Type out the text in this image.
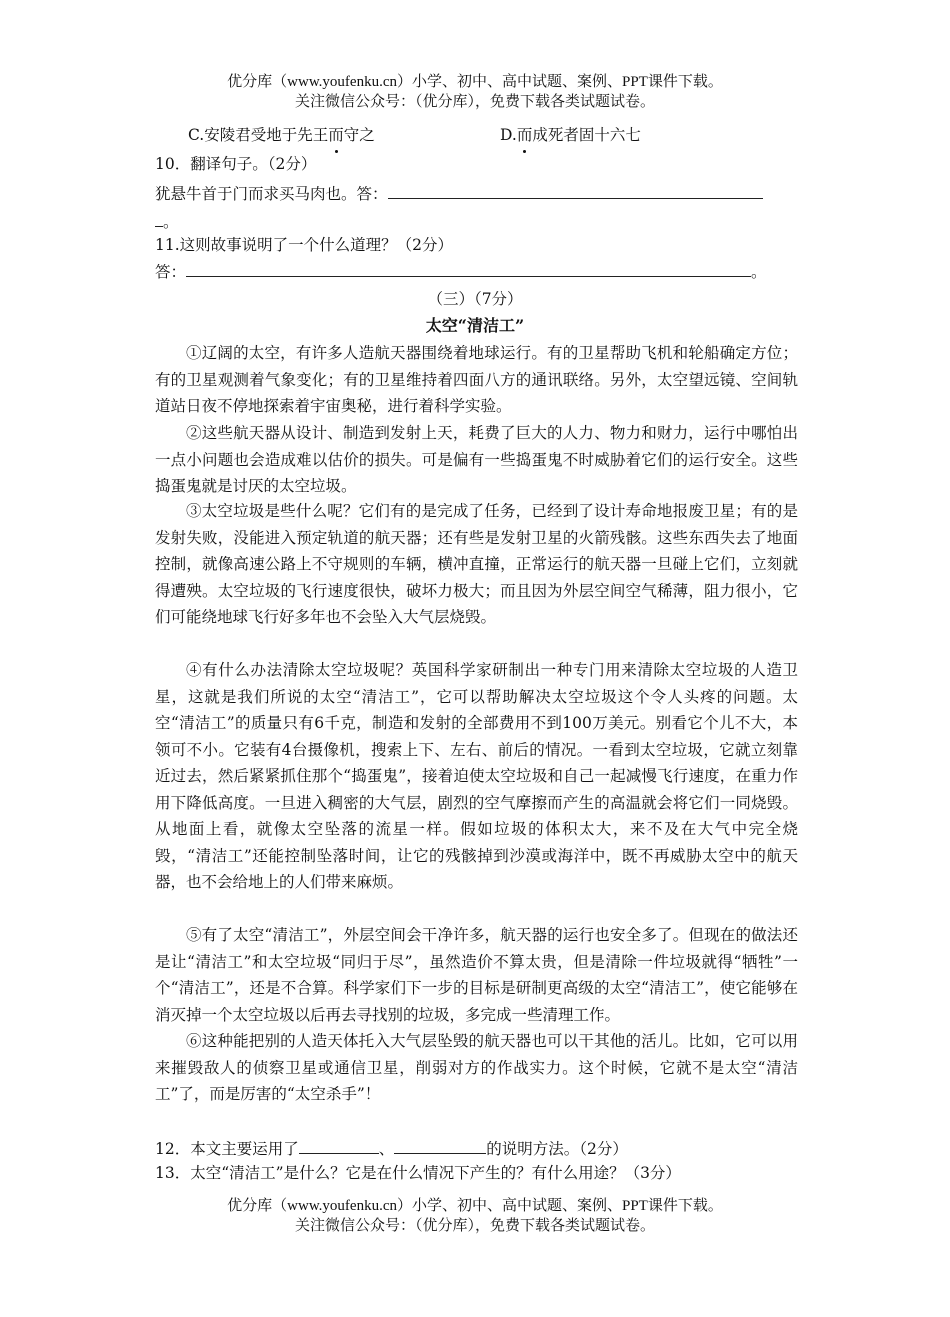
优分库（www.youfenku.cn）小学、初中、高中试题、案例、PPT课件下载。
关注微信公众号：（优分库），免费下载各类试题试卷。
C.安陵君受地于先王而守之	D.而成死者固十六七
10．翻译句子。（2分）
犹悬牛首于门而求买马肉也。答：
。
11.这则故事说明了一个什么道理？（2分）
答：	。
（三）（7分）
太空“清洁工”
①辽阔的太空，有许多人造航天器围绕着地球运行。有的卫星帮助飞机和轮船确定方位；有的卫星观测着气象变化；有的卫星维持着四面八方的通讯联络。另外，太空望远镜、空间轨道站日夜不停地探索着宇宙奥秘，进行着科学实验。
②这些航天器从设计、制造到发射上天，耗费了巨大的人力、物力和财力，运行中哪怕出一点小问题也会造成难以估价的损失。可是偏有一些捣蛋鬼不时威胁着它们的运行安全。这些捣蛋鬼就是讨厌的太空垃圾。
③太空垃圾是些什么呢？它们有的是完成了任务，已经到了设计寿命地报废卫星；有的是发射失败，没能进入预定轨道的航天器；还有些是发射卫星的火箭残骸。这些东西失去了地面控制，就像高速公路上不守规则的车辆，横冲直撞，正常运行的航天器一旦碰上它们，立刻就得遭殃。太空垃圾的飞行速度很快，破坏力极大；而且因为外层空间空气稀薄，阻力很小，它们可能绕地球飞行好多年也不会坠入大气层烧毁。
④有什么办法清除太空垃圾呢？英国科学家研制出一种专门用来清除太空垃圾的人造卫星，这就是我们所说的太空“清洁工”，它可以帮助解决太空垃圾这个令人头疼的问题。太空“清洁工”的质量只有6千克，制造和发射的全部费用不到100万美元。别看它个儿不大，本领可不小。它装有4台摄像机，搜索上下、左右、前后的情况。一看到太空垃圾，它就立刻靠近过去，然后紧紧抓住那个“捣蛋鬼”，接着迫使太空垃圾和自己一起减慢飞行速度，在重力作用下降低高度。一旦进入稠密的大气层，剧烈的空气摩擦而产生的高温就会将它们一同烧毁。从地面上看，就像太空坠落的流星一样。假如垃圾的体积太大，来不及在大气中完全烧毁，“清洁工”还能控制坠落时间，让它的残骸掉到沙漠或海洋中，既不再威胁太空中的航天器，也不会给地上的人们带来麻烦。
⑤有了太空“清洁工”，外层空间会干净许多，航天器的运行也安全多了。但现在的做法还是让“清洁工”和太空垃圾“同归于尽”，虽然造价不算太贵，但是清除一件垃圾就得“牺牲”一个“清洁工”，还是不合算。科学家们下一步的目标是研制更高级的太空“清洁工”，使它能够在消灭掉一个太空垃圾以后再去寻找别的垃圾，多完成一些清理工作。
⑥这种能把别的人造天体托入大气层坠毁的航天器也可以干其他的活儿。比如，它可以用来摧毁敌人的侦察卫星或通信卫星，削弱对方的作战实力。这个时候，它就不是太空“清洁工”了，而是厉害的“太空杀手”！
12．本文主要运用了	、	的说明方法。（2分）
13．太空“清洁工”是什么？它是在什么情况下产生的？有什么用途？（3分）
优分库（www.youfenku.cn）小学、初中、高中试题、案例、PPT课件下载。
关注微信公众号：（优分库），免费下载各类试题试卷。
